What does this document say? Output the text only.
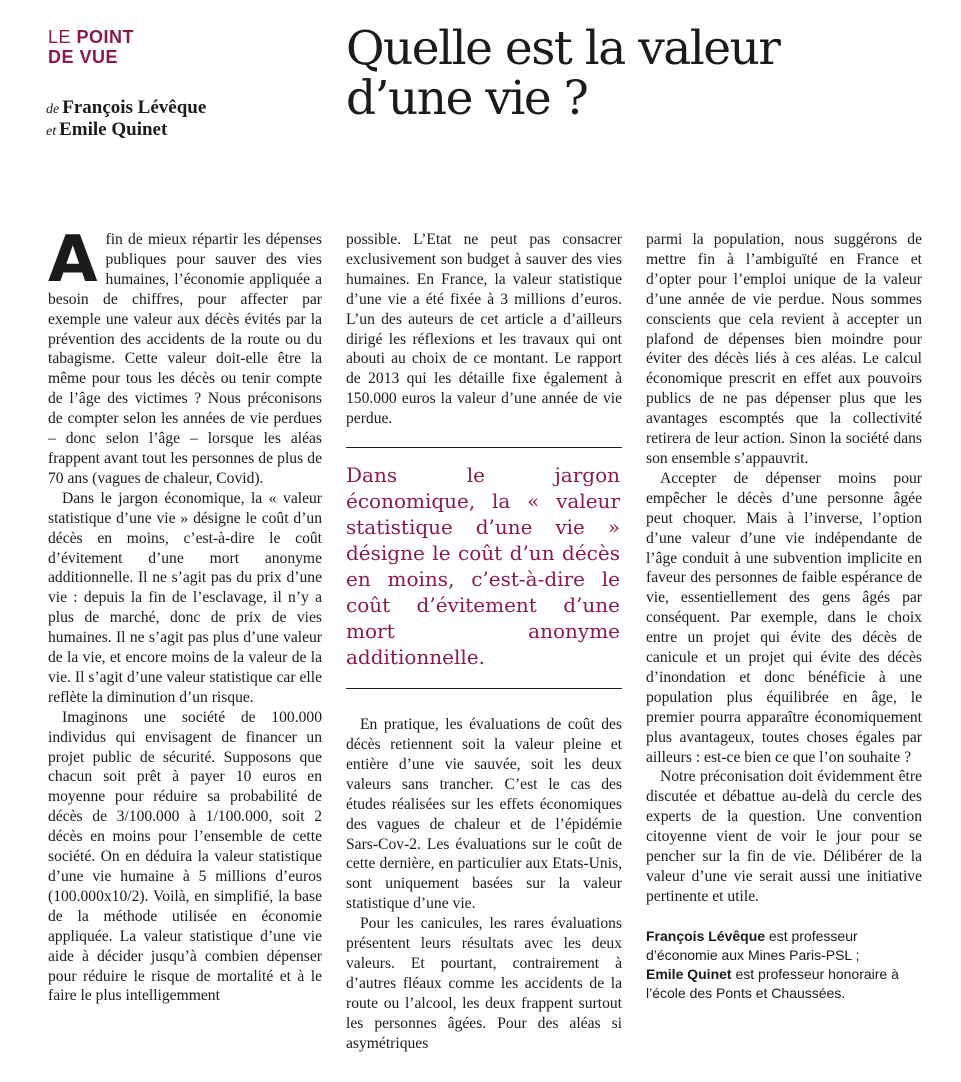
LE POINT
DE VUE
de François Lévêque
et Emile Quinet
Quelle est la valeur
d’une vie ?

Afin de mieux répartir les dépenses publiques pour sauver des vies humaines, l’économie appliquée a besoin de chiffres, pour affecter par exemple une valeur aux décès évités par la prévention des accidents de la route ou du tabagisme. Cette valeur doit-elle être la même pour tous les décès ou tenir compte de l’âge des victimes ? Nous préconisons de compter selon les années de vie perdues – donc selon l’âge – lorsque les aléas frappent avant tout les personnes de plus de 70 ans (vagues de chaleur, Covid).

Dans le jargon économique, la « valeur statistique d’une vie » désigne le coût d’un décès en moins, c’est-à-dire le coût d’évitement d’une mort anonyme additionnelle. Il ne s’agit pas du prix d’une vie : depuis la fin de l’esclavage, il n’y a plus de marché, donc de prix de vies humaines. Il ne s’agit pas plus d’une valeur de la vie, et encore moins de la valeur de la vie. Il s’agit d’une valeur statistique car elle reflète la diminution d’un risque.

Imaginons une société de 100.000 individus qui envisagent de financer un projet public de sécurité. Supposons que chacun soit prêt à payer 10 euros en moyenne pour réduire sa probabilité de décès de 3/100.000 à 1/100.000, soit 2 décès en moins pour l’ensemble de cette société. On en déduira la valeur statistique d’une vie humaine à 5 millions d’euros (100.000x10/2). Voilà, en simplifié, la base de la méthode utilisée en économie appliquée. La valeur statistique d’une vie aide à décider jusqu’à combien dépenser pour réduire le risque de mortalité et à le faire le plus intelligemment

possible. L’Etat ne peut pas consacrer exclusivement son budget à sauver des vies humaines. En France, la valeur statistique d’une vie a été fixée à 3 millions d’euros. L’un des auteurs de cet article a d’ailleurs dirigé les réflexions et les travaux qui ont abouti au choix de ce montant. Le rapport de 2013 qui les détaille fixe également à 150.000 euros la valeur d’une année de vie perdue.

Dans le jargon économique, la « valeur statistique d’une vie » désigne le coût d’un décès en moins, c’est-à-dire le coût d’évitement d’une mort anonyme additionnelle.

En pratique, les évaluations de coût des décès retiennent soit la valeur pleine et entière d’une vie sauvée, soit les deux valeurs sans trancher. C’est le cas des études réalisées sur les effets économiques des vagues de chaleur et de l’épidémie Sars-Cov-2. Les évaluations sur le coût de cette dernière, en particulier aux Etats-Unis, sont uniquement basées sur la valeur statistique d’une vie.

Pour les canicules, les rares évaluations présentent leurs résultats avec les deux valeurs. Et pourtant, contrairement à d’autres fléaux comme les accidents de la route ou l’alcool, les deux frappent surtout les personnes âgées. Pour des aléas si asymétriques

parmi la population, nous suggérons de mettre fin à l’ambiguïté en France et d’opter pour l’emploi unique de la valeur d’une année de vie perdue. Nous sommes conscients que cela revient à accepter un plafond de dépenses bien moindre pour éviter des décès liés à ces aléas. Le calcul économique prescrit en effet aux pouvoirs publics de ne pas dépenser plus que les avantages escomptés que la collectivité retirera de leur action. Sinon la société dans son ensemble s’appauvrit.

Accepter de dépenser moins pour empêcher le décès d’une personne âgée peut choquer. Mais à l’inverse, l’option d’une valeur d’une vie indépendante de l’âge conduit à une subvention implicite en faveur des personnes de faible espérance de vie, essentiellement des gens âgés par conséquent. Par exemple, dans le choix entre un projet qui évite des décès de canicule et un projet qui évite des décès d’inondation et donc bénéficie à une population plus équilibrée en âge, le premier pourra apparaître économiquement plus avantageux, toutes choses égales par ailleurs : est-ce bien ce que l’on souhaite ?

Notre préconisation doit évidemment être discutée et débattue au-delà du cercle des experts de la question. Une convention citoyenne vient de voir le jour pour se pencher sur la fin de vie. Délibérer de la valeur d’une vie serait aussi une initiative pertinente et utile.

François Lévêque est professeur d’économie aux Mines Paris-PSL ;
Emile Quinet est professeur honoraire à l’école des Ponts et Chaussées.
